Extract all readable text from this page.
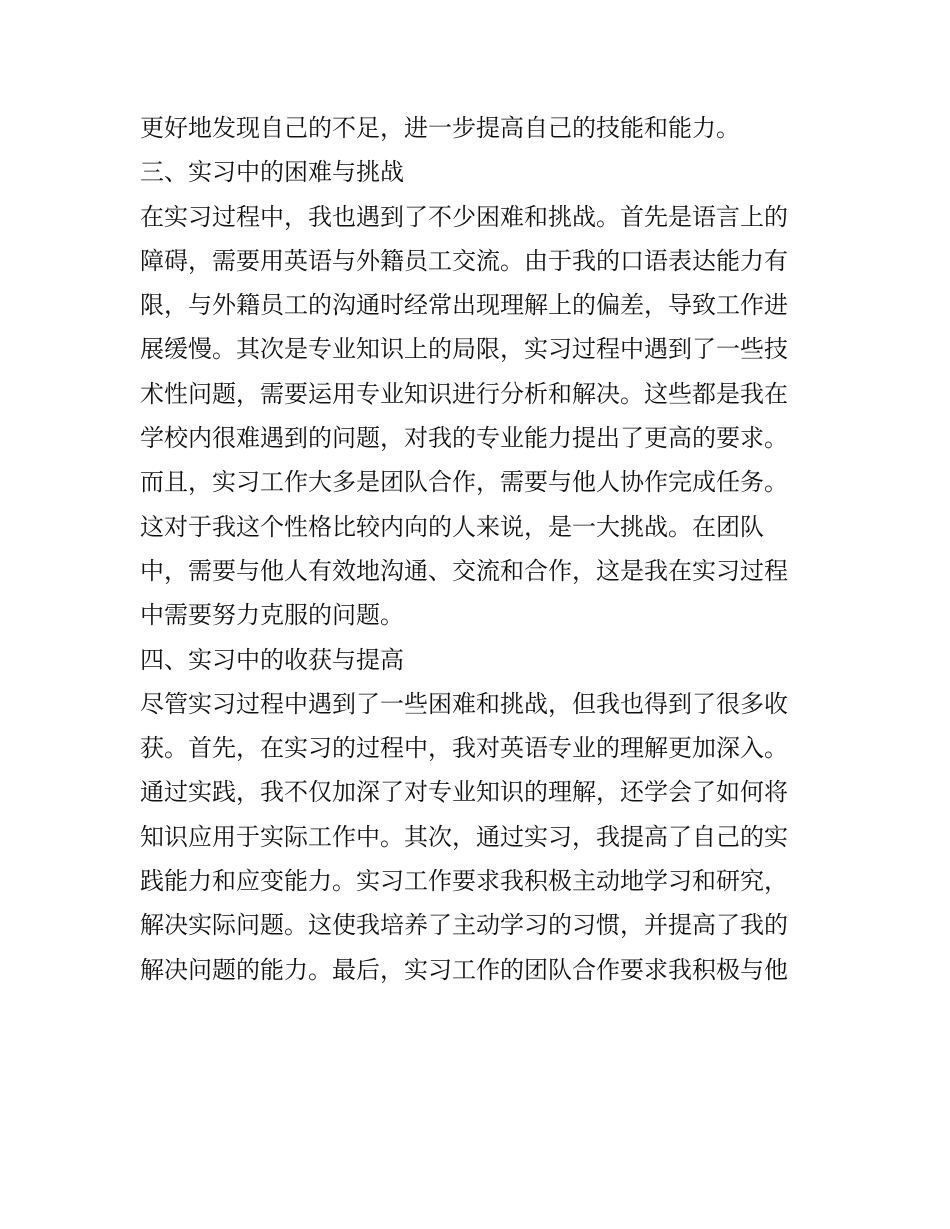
更好地发现自己的不足，进一步提高自己的技能和能力。
三、实习中的困难与挑战
在实习过程中，我也遇到了不少困难和挑战。首先是语言上的
障碍，需要用英语与外籍员工交流。由于我的口语表达能力有
限，与外籍员工的沟通时经常出现理解上的偏差，导致工作进
展缓慢。其次是专业知识上的局限，实习过程中遇到了一些技
术性问题，需要运用专业知识进行分析和解决。这些都是我在
学校内很难遇到的问题，对我的专业能力提出了更高的要求。
而且，实习工作大多是团队合作，需要与他人协作完成任务。
这对于我这个性格比较内向的人来说，是一大挑战。在团队
中，需要与他人有效地沟通、交流和合作，这是我在实习过程
中需要努力克服的问题。
四、实习中的收获与提高
尽管实习过程中遇到了一些困难和挑战，但我也得到了很多收
获。首先，在实习的过程中，我对英语专业的理解更加深入。
通过实践，我不仅加深了对专业知识的理解，还学会了如何将
知识应用于实际工作中。其次，通过实习，我提高了自己的实
践能力和应变能力。实习工作要求我积极主动地学习和研究，
解决实际问题。这使我培养了主动学习的习惯，并提高了我的
解决问题的能力。最后，实习工作的团队合作要求我积极与他
